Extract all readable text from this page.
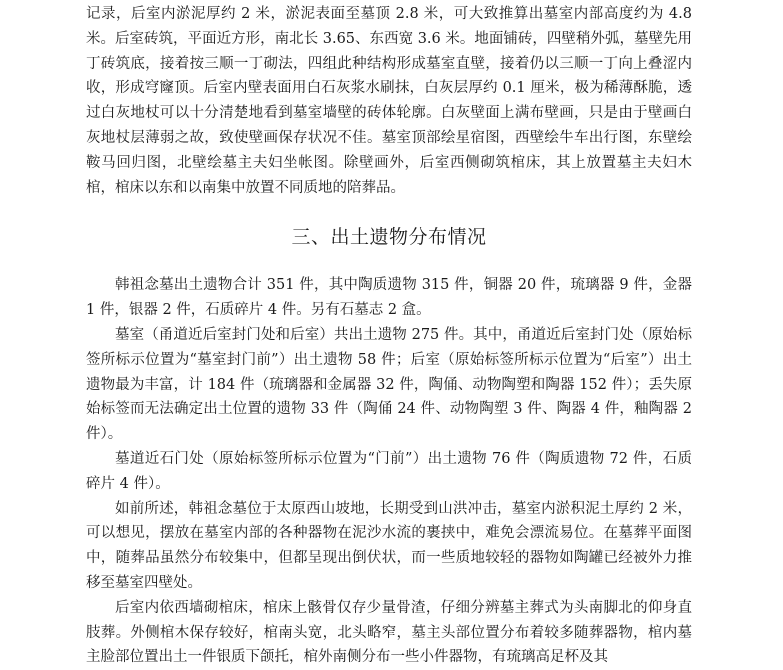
记录，后室内淤泥厚约 2 米，淤泥表面至墓顶 2.8 米，可大致推算出墓室内部高度约为 4.8 米。后室砖筑，平面近方形，南北长 3.65、东西宽 3.6 米。地面铺砖，四壁稍外弧，墓壁先用丁砖筑底，接着按三顺一丁砌法，四组此种结构形成墓室直壁，接着仍以三顺一丁向上叠涩内收，形成穹窿顶。后室内壁表面用白石灰浆水刷抹，白灰层厚约 0.1 厘米，极为稀薄酥脆，透过白灰地杖可以十分清楚地看到墓室墙壁的砖体轮廓。白灰壁面上满布壁画，只是由于壁画白灰地杖层薄弱之故，致使壁画保存状况不佳。墓室顶部绘星宿图，西壁绘牛车出行图，东壁绘鞍马回归图，北壁绘墓主夫妇坐帐图。除壁画外，后室西侧砌筑棺床，其上放置墓主夫妇木棺，棺床以东和以南集中放置不同质地的陪葬品。

三、出土遗物分布情况

韩祖念墓出土遗物合计 351 件，其中陶质遗物 315 件，铜器 20 件，琉璃器 9 件，金器 1 件，银器 2 件，石质碎片 4 件。另有石墓志 2 盒。

墓室（甬道近后室封门处和后室）共出土遗物 275 件。其中，甬道近后室封门处（原始标签所标示位置为“墓室封门前”）出土遗物 58 件；后室（原始标签所标示位置为“后室”）出土遗物最为丰富，计 184 件（琉璃器和金属器 32 件，陶俑、动物陶塑和陶器 152 件）；丢失原始标签而无法确定出土位置的遗物 33 件（陶俑 24 件、动物陶塑 3 件、陶器 4 件，釉陶器 2 件）。

墓道近石门处（原始标签所标示位置为“门前”）出土遗物 76 件（陶质遗物 72 件，石质碎片 4 件）。

如前所述，韩祖念墓位于太原西山坡地，长期受到山洪冲击，墓室内淤积泥土厚约 2 米，可以想见，摆放在墓室内部的各种器物在泥沙水流的裹挟中，难免会漂流易位。在墓葬平面图中，随葬品虽然分布较集中，但都呈现出倒伏状，而一些质地较轻的器物如陶罐已经被外力推移至墓室四壁处。

后室内依西墙砌棺床，棺床上骸骨仅存少量骨渣，仔细分辨墓主葬式为头南脚北的仰身直肢葬。外侧棺木保存较好，棺南头宽，北头略窄，墓主头部位置分布着较多随葬器物，棺内墓主脸部位置出土一件银质下颌托，棺外南侧分布一些小件器物，有琉璃高足杯及其
